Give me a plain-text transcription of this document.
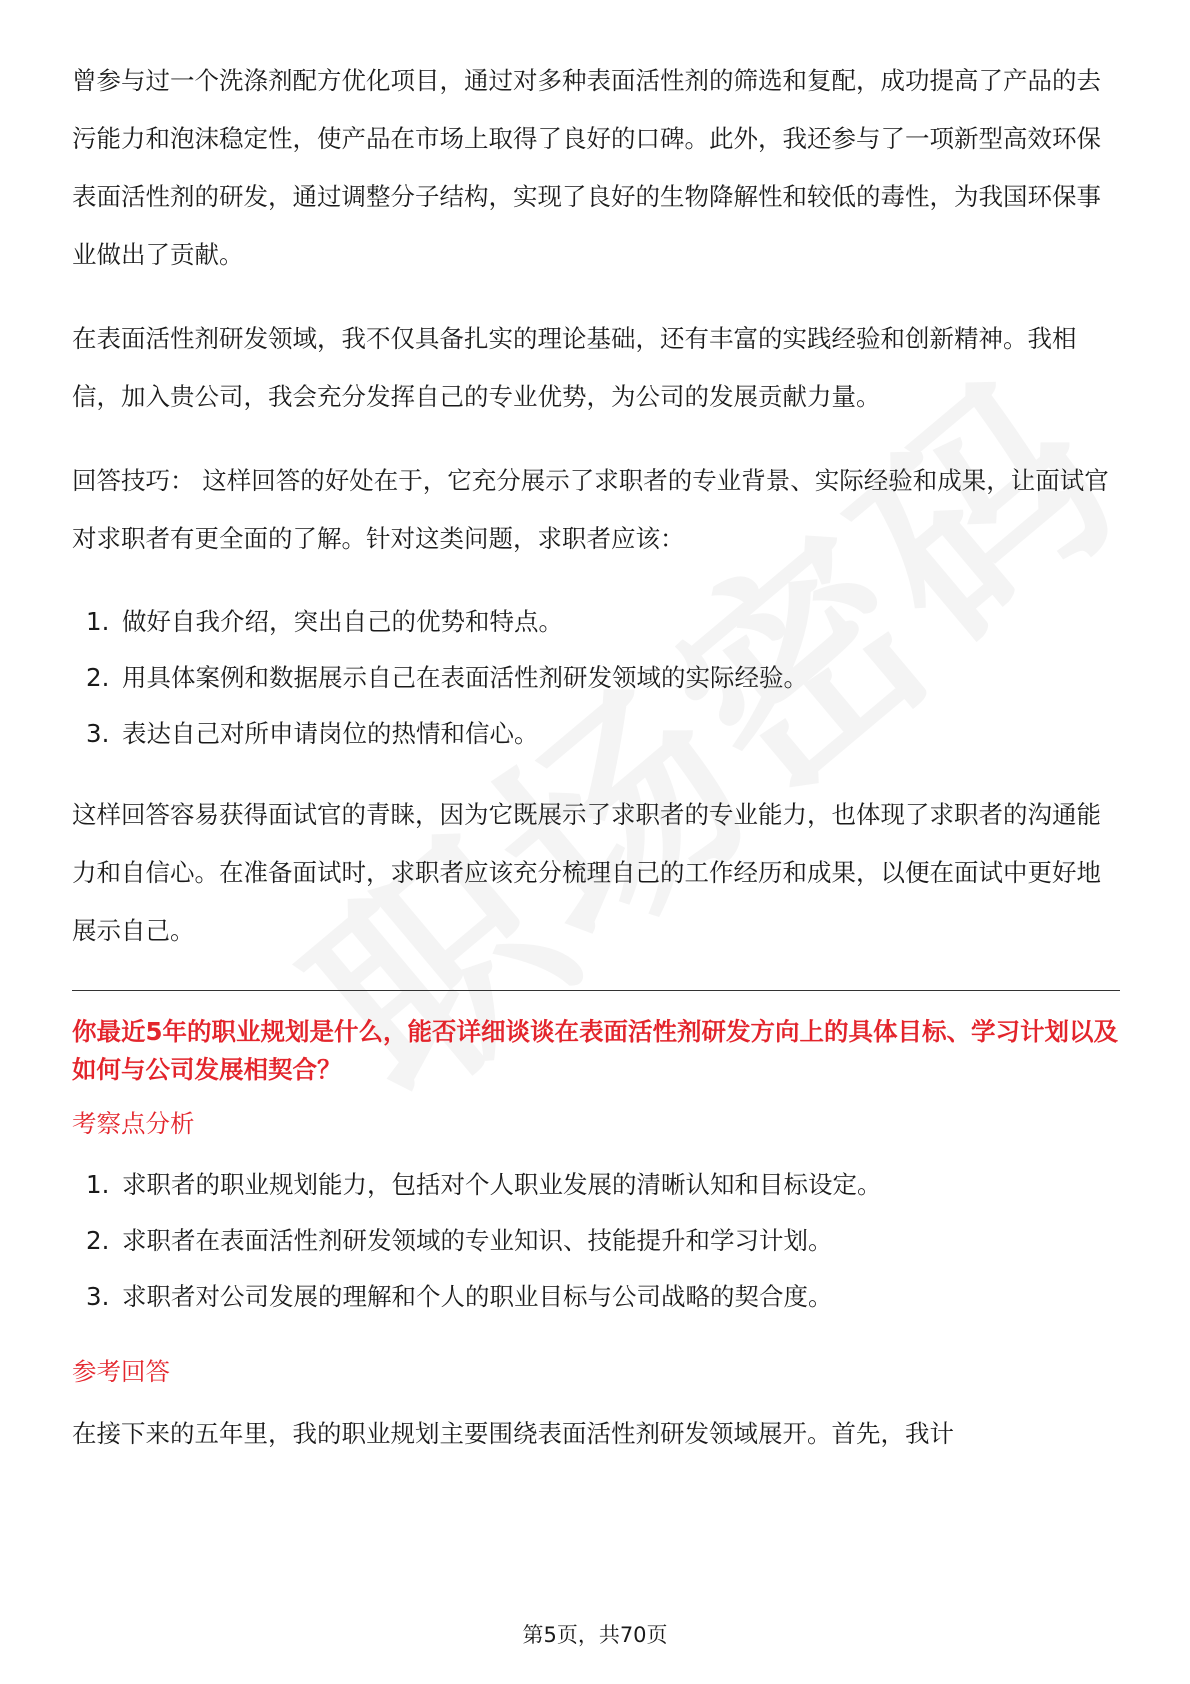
曾参与过一个洗涤剂配方优化项目，通过对多种表面活性剂的筛选和复配，成功提高了产品的去污能力和泡沫稳定性，使产品在市场上取得了良好的口碑。此外，我还参与了一项新型高效环保表面活性剂的研发，通过调整分子结构，实现了良好的生物降解性和较低的毒性，为我国环保事业做出了贡献。

在表面活性剂研发领域，我不仅具备扎实的理论基础，还有丰富的实践经验和创新精神。我相信，加入贵公司，我会充分发挥自己的专业优势，为公司的发展贡献力量。

回答技巧： 这样回答的好处在于，它充分展示了求职者的专业背景、实际经验和成果，让面试官对求职者有更全面的了解。针对这类问题，求职者应该：

1. 做好自我介绍，突出自己的优势和特点。
2. 用具体案例和数据展示自己在表面活性剂研发领域的实际经验。
3. 表达自己对所申请岗位的热情和信心。

这样回答容易获得面试官的青睐，因为它既展示了求职者的专业能力，也体现了求职者的沟通能力和自信心。在准备面试时，求职者应该充分梳理自己的工作经历和成果，以便在面试中更好地展示自己。

你最近5年的职业规划是什么，能否详细谈谈在表面活性剂研发方向上的具体目标、学习计划以及如何与公司发展相契合？
考察点分析
1. 求职者的职业规划能力，包括对个人职业发展的清晰认知和目标设定。
2. 求职者在表面活性剂研发领域的专业知识、技能提升和学习计划。
3. 求职者对公司发展的理解和个人的职业目标与公司战略的契合度。
参考回答

在接下来的五年里，我的职业规划主要围绕表面活性剂研发领域展开。首先，我计

第5页，共70页
